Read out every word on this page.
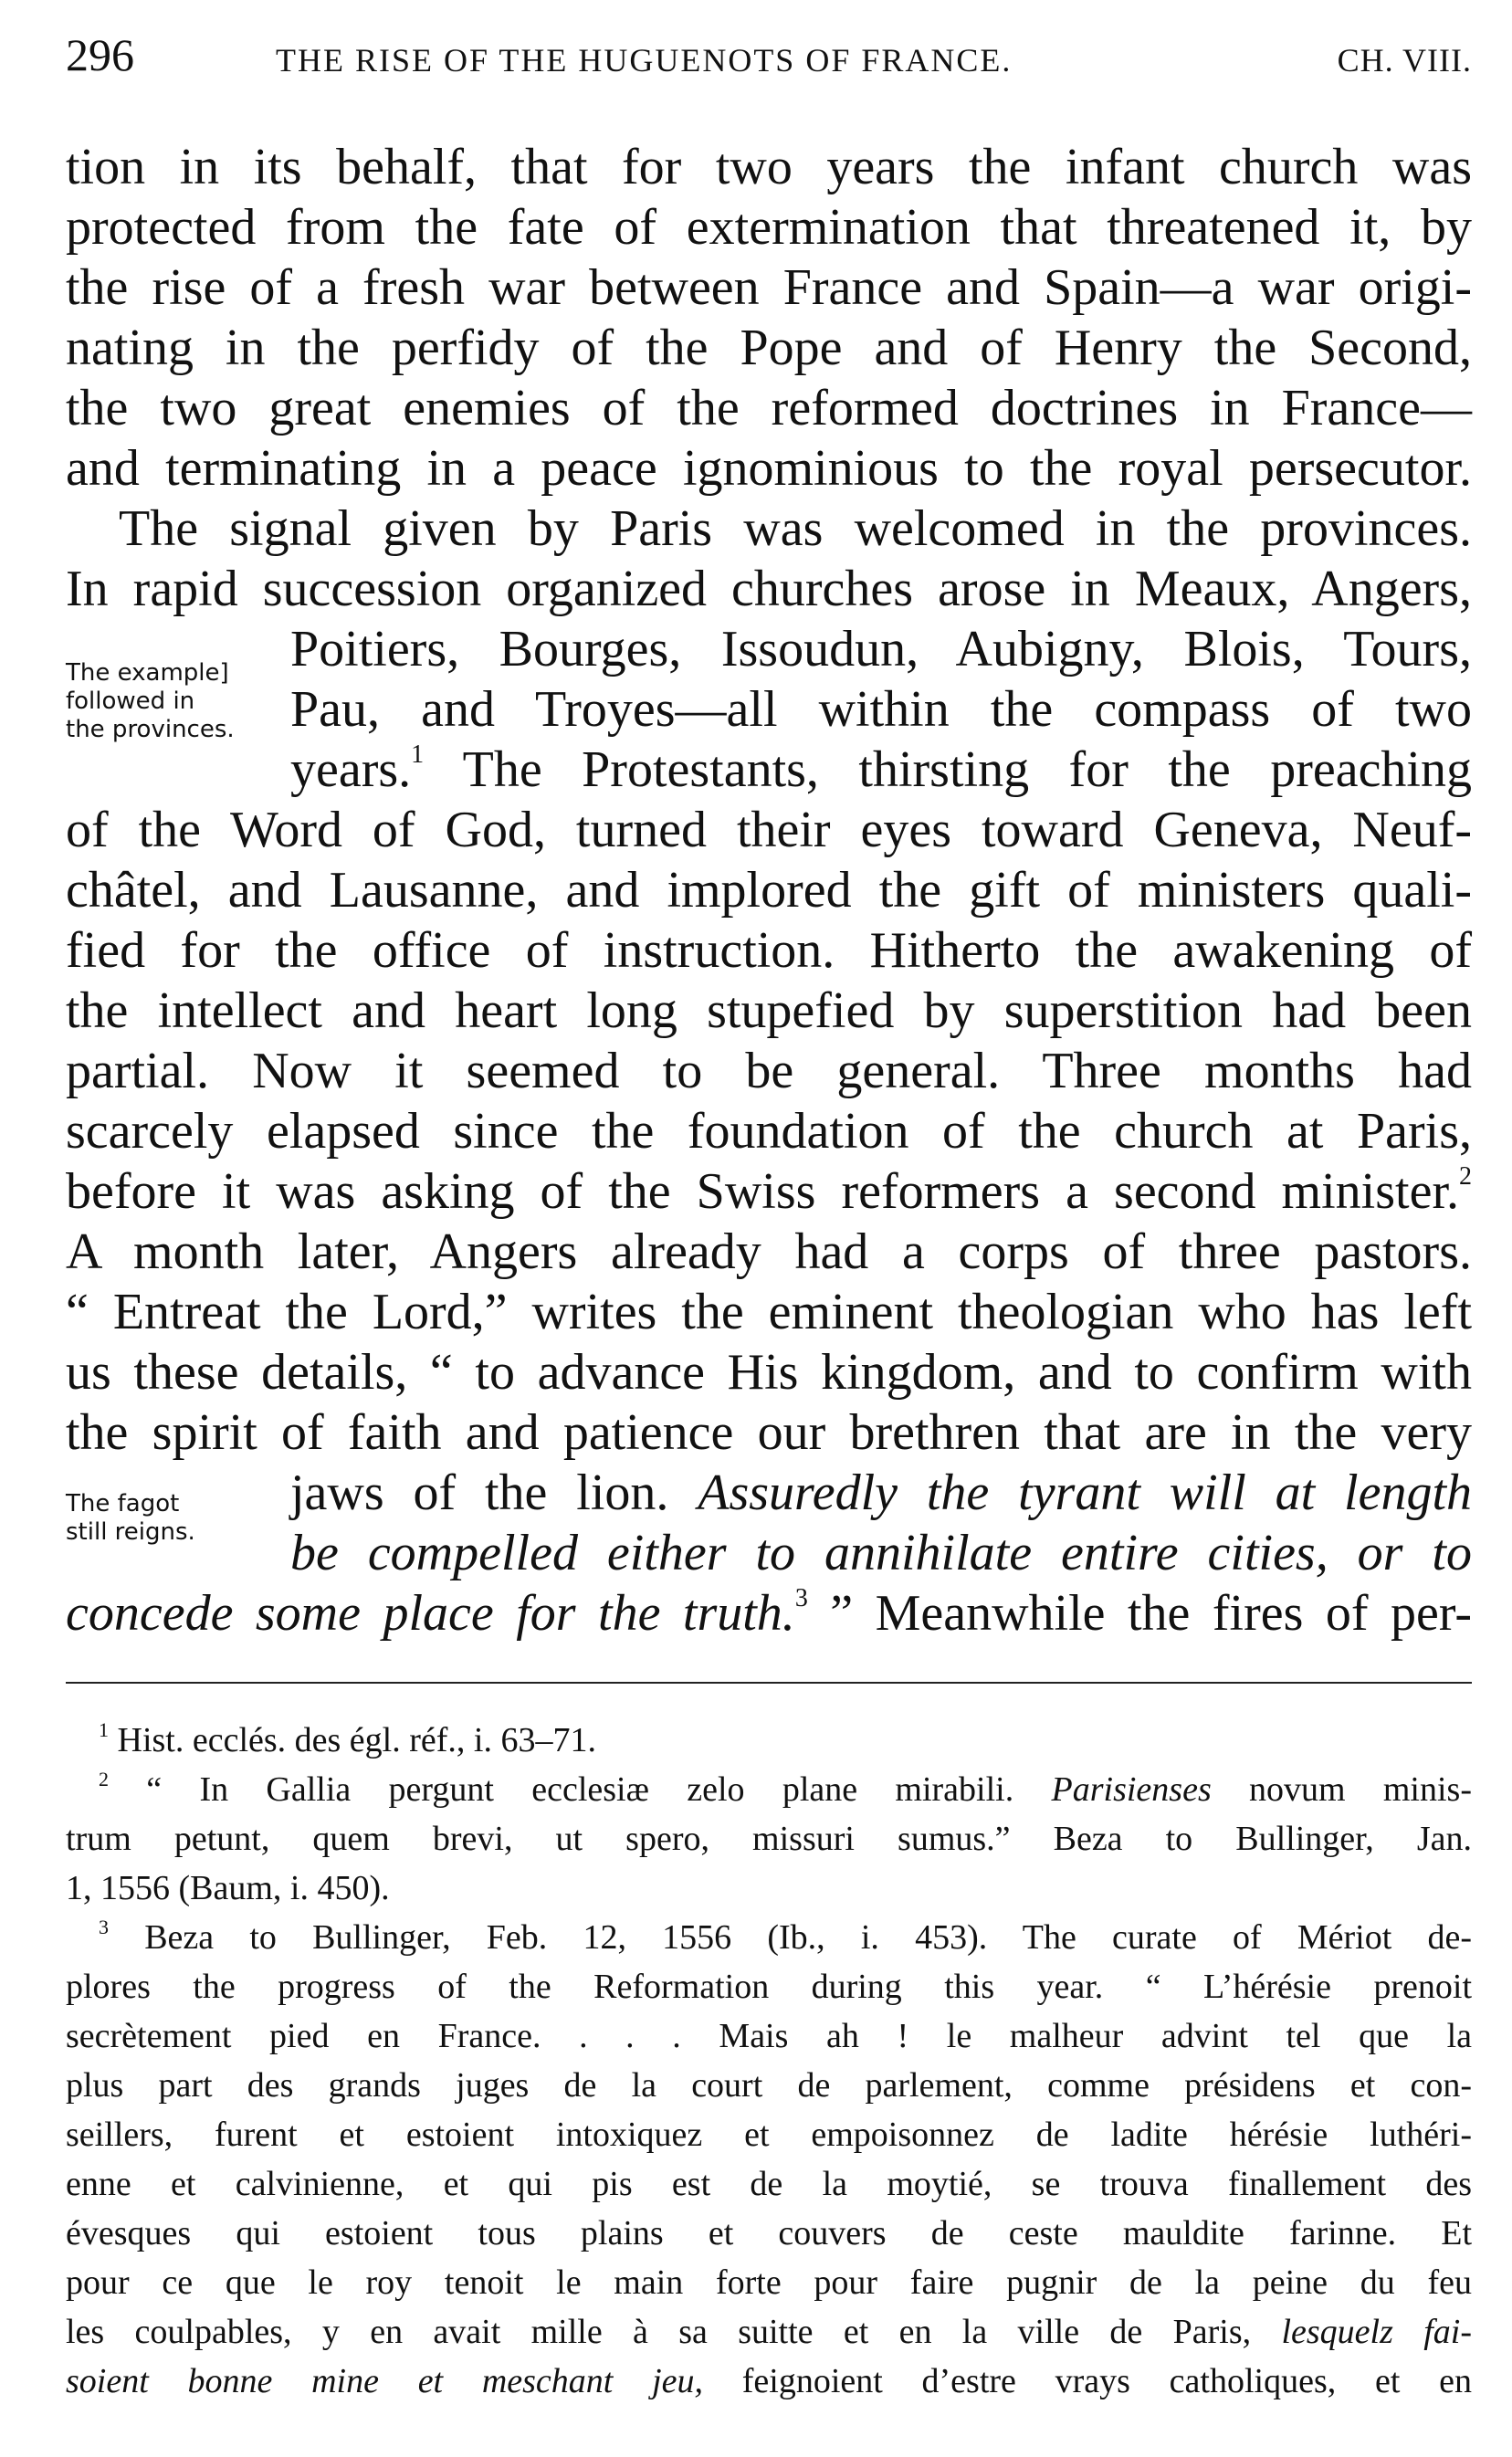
296	THE RISE OF THE HUGUENOTS OF FRANCE.	CH. VIII.
tion in its behalf, that for two years the infant church was
protected from the fate of extermination that threatened it, by
the rise of a fresh war between France and Spain—a war origi-
nating in the perfidy of the Pope and of Henry the Second,
the two great enemies of the reformed doctrines in France—
and terminating in a peace ignominious to the royal persecutor.
The signal given by Paris was welcomed in the provinces.
In rapid succession organized churches arose in Meaux, Angers,
Poitiers, Bourges, Issoudun, Aubigny, Blois, Tours,
Pau, and Troyes—all within the compass of two
years.$^1$ The Protestants, thirsting for the preaching
of the Word of God, turned their eyes toward Geneva, Neuf-
châtel, and Lausanne, and implored the gift of ministers quali-
fied for the office of instruction. Hitherto the awakening of
the intellect and heart long stupefied by superstition had been
partial. Now it seemed to be general. Three months had
scarcely elapsed since the foundation of the church at Paris,
before it was asking of the Swiss reformers a second minister.$^2$
A month later, Angers already had a corps of three pastors.
“ Entreat the Lord,” writes the eminent theologian who has left
us these details, “ to advance His kingdom, and to confirm with
the spirit of faith and patience our brethren that are in the very
jaws of the lion. Assuredly the tyrant will at length
be compelled either to annihilate entire cities, or to
concede some place for the truth.$^3$ ” Meanwhile the fires of per-
The example]
followed in
the provinces.
The fagot
still reigns.
$^1$ Hist. ecclés. des égl. réf., i. 63–71.
$^2$ “ In Gallia pergunt ecclesiæ zelo plane mirabili. Parisienses novum minis-
trum petunt, quem brevi, ut spero, missuri sumus.” Beza to Bullinger, Jan.
1, 1556 (Baum, i. 450).
$^3$ Beza to Bullinger, Feb. 12, 1556 (Ib., i. 453). The curate of Mériot de-
plores the progress of the Reformation during this year. “ L’hérésie prenoit
secrètement pied en France. . . . Mais ah ! le malheur advint tel que la
plus part des grands juges de la court de parlement, comme présidens et con-
seillers, furent et estoient intoxiquez et empoisonnez de ladite hérésie luthéri-
enne et calvinienne, et qui pis est de la moytié, se trouva finallement des
évesques qui estoient tous plains et couvers de ceste mauldite farinne. Et
pour ce que le roy tenoit le main forte pour faire pugnir de la peine du feu
les coulpables, y en avait mille à sa suitte et en la ville de Paris, lesquelz fai-
soient bonne mine et meschant jeu, feignoient d’estre vrays catholiques, et en
